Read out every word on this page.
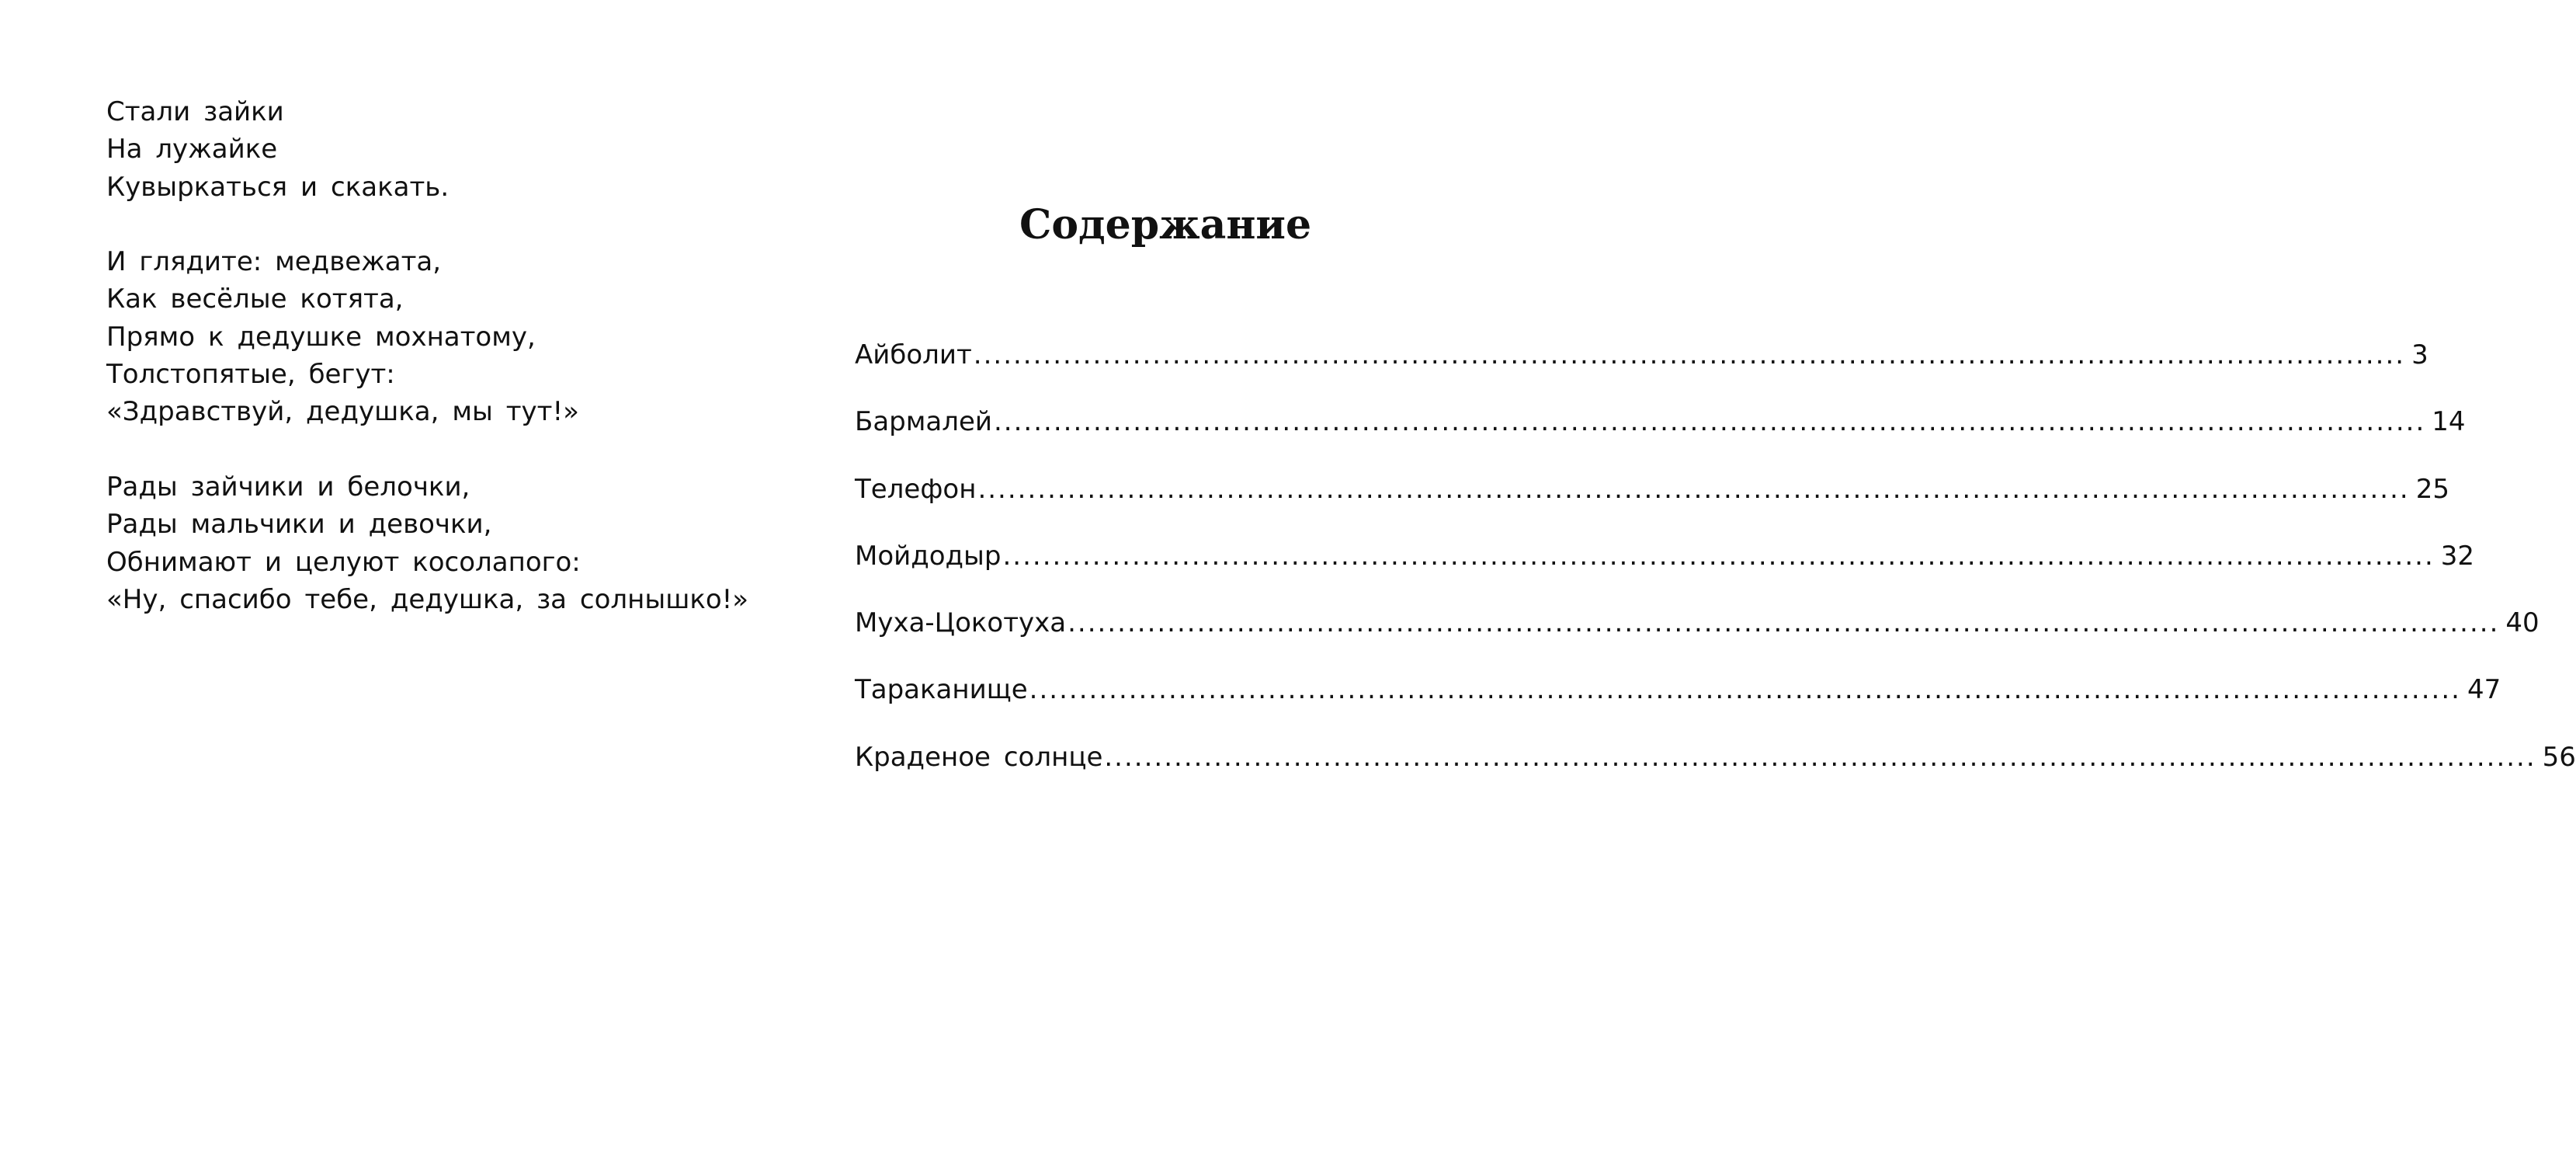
Стали зайки
На лужайке
Кувыркаться и скакать.
И глядите: медвежата,
Как весёлые котята,
Прямо к дедушке мохнатому,
Толстопятые, бегут:
«Здравствуй, дедушка, мы тут!»
Рады зайчики и белочки,
Рады мальчики и девочки,
Обнимают и целуют косолапого:
«Ну, спасибо тебе, дедушка, за солнышко!»
Содержание
Айболит ................................................................................................................................................ 3
Бармалей ................................................................................................................................................ 14
Телефон ................................................................................................................................................ 25
Мойдодыр ................................................................................................................................................ 32
Муха-Цокотуха ................................................................................................................................................ 40
Тараканище ................................................................................................................................................ 47
Краденое солнце ................................................................................................................................................ 56
